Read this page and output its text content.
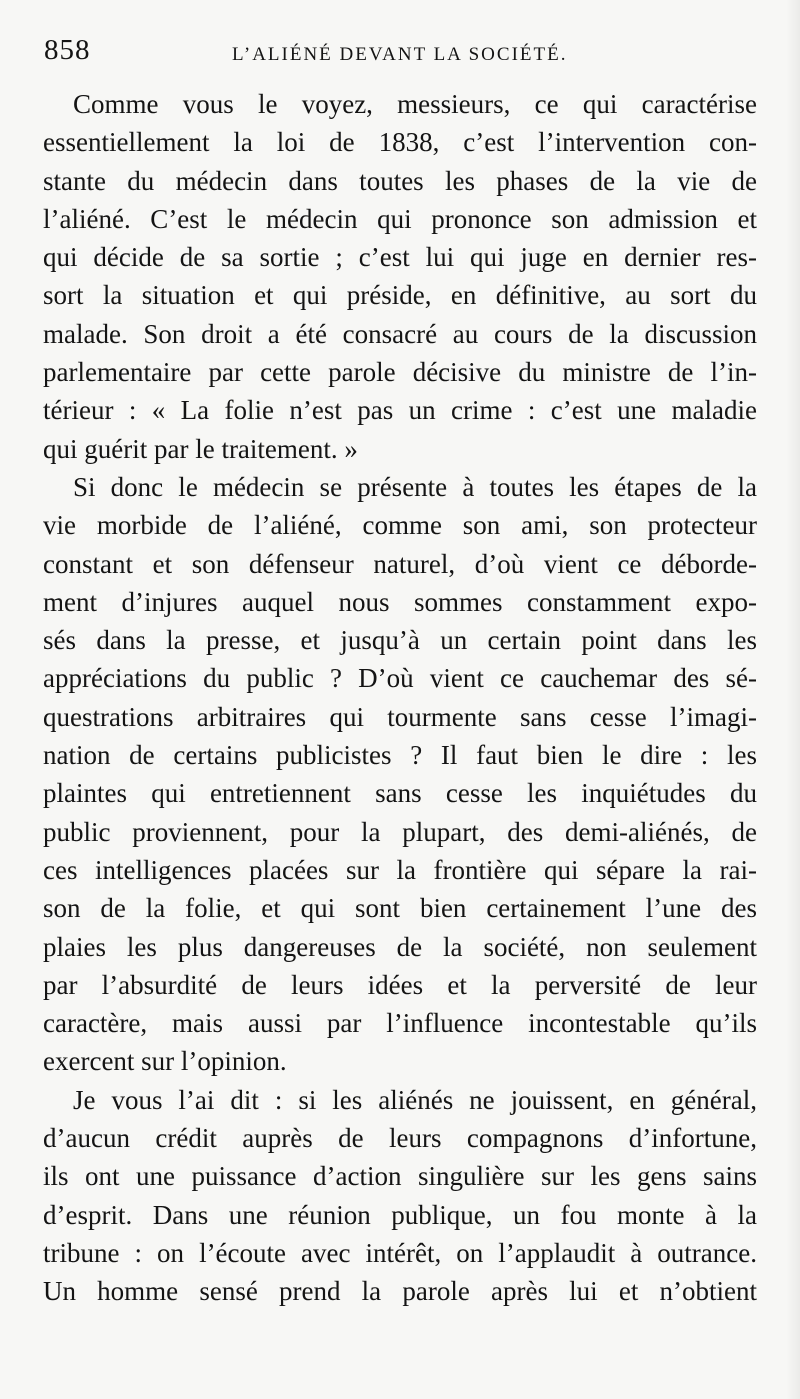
858	L’ALIÉNÉ DEVANT LA SOCIÉTÉ.
Comme vous le voyez, messieurs, ce qui caractérise
essentiellement la loi de 1838, c’est l’intervention con-
stante du médecin dans toutes les phases de la vie de
l’aliéné. C’est le médecin qui prononce son admission et
qui décide de sa sortie ; c’est lui qui juge en dernier res-
sort la situation et qui préside, en définitive, au sort du
malade. Son droit a été consacré au cours de la discussion
parlementaire par cette parole décisive du ministre de l’in-
térieur : « La folie n’est pas un crime : c’est une maladie
qui guérit par le traitement. »
Si donc le médecin se présente à toutes les étapes de la
vie morbide de l’aliéné, comme son ami, son protecteur
constant et son défenseur naturel, d’où vient ce déborde-
ment d’injures auquel nous sommes constamment expo-
sés dans la presse, et jusqu’à un certain point dans les
appréciations du public ? D’où vient ce cauchemar des sé-
questrations arbitraires qui tourmente sans cesse l’imagi-
nation de certains publicistes ? Il faut bien le dire : les
plaintes qui entretiennent sans cesse les inquiétudes du
public proviennent, pour la plupart, des demi-aliénés, de
ces intelligences placées sur la frontière qui sépare la rai-
son de la folie, et qui sont bien certainement l’une des
plaies les plus dangereuses de la société, non seulement
par l’absurdité de leurs idées et la perversité de leur
caractère, mais aussi par l’influence incontestable qu’ils
exercent sur l’opinion.
Je vous l’ai dit : si les aliénés ne jouissent, en général,
d’aucun crédit auprès de leurs compagnons d’infortune,
ils ont une puissance d’action singulière sur les gens sains
d’esprit. Dans une réunion publique, un fou monte à la
tribune : on l’écoute avec intérêt, on l’applaudit à outrance.
Un homme sensé prend la parole après lui et n’obtient
